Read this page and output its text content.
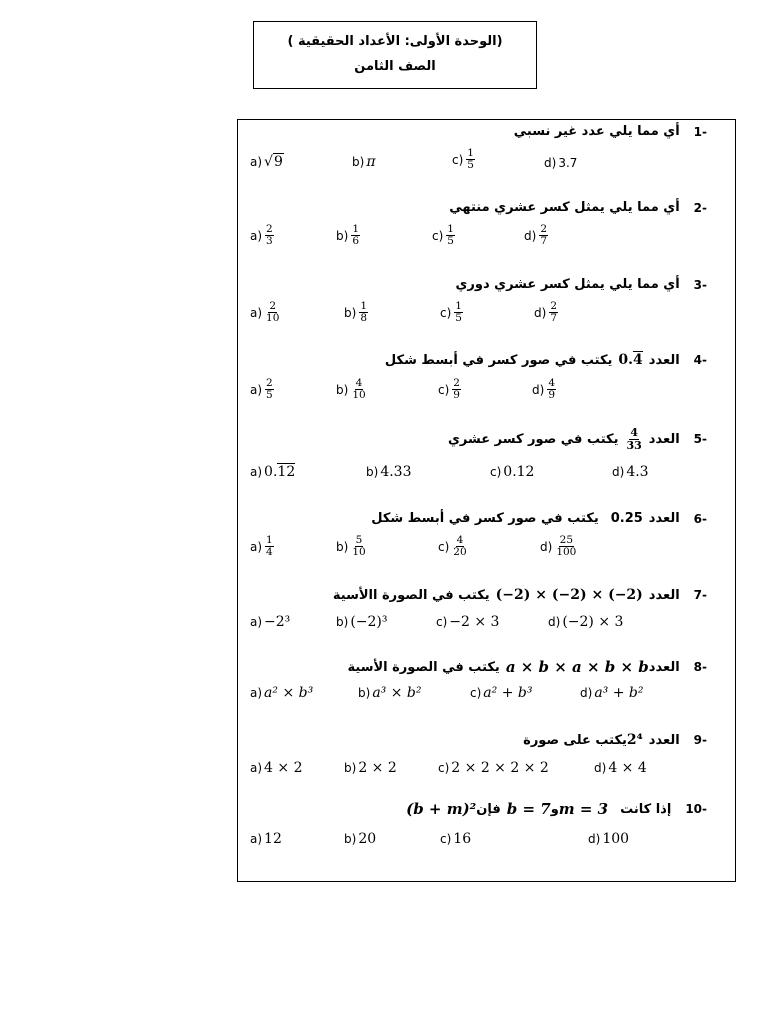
(الوحدة الأولى: الأعداد الحقيقية )
الصف الثامن
-1
أي مما يلي عدد غير نسبي
a) √9	b) π	$c) \frac{1}{5}$	d) 3.7
-2
أي مما يلي يمثل كسر عشري منتهي
$a) \frac{2}{3}$	$b) \frac{1}{6}$	$c) \frac{1}{5}$	$d) \frac{2}{7}$
-3
أي مما يلي يمثل كسر عشري دوري
$a) \frac{2}{10}$	$b) \frac{1}{8}$	$c) \frac{1}{5}$	$d) \frac{2}{7}$
-4
العدد
0.4
يكتب في صور كسر في أبسط شكل
$a) \frac{2}{5}$	$b) \frac{4}{10}$	$c) \frac{2}{9}$	$d) \frac{4}{9}$
-5
العدد
$\frac{4}{33}$
يكتب في صور كسر عشري
a) 0.12	b) 4.33	c) 0.12	d) 4.3
-6
العدد
0.25
يكتب في صور كسر في أبسط شكل
$a) \frac{1}{4}$	$b) \frac{5}{10}$	$c) \frac{4}{20}$	$d) \frac{25}{100}$
-7
العدد
(−2) × (−2) × (−2)
يكتب في الصورة االأسية
a) −2³	b) (−2)³	c) −2 × 3	d) (−2) × 3
-8
العدد
a × b × a × b × b
يكتب في الصورة الأسية
a) a² × b³	b) a³ × b²	c) a² + b³	d) a³ + b²
-9
العدد
2⁴
يكتب على صورة
a) 4 × 2	b) 2 × 2	c) 2 × 2 × 2 × 2	d) 4 × 4
-10
إذا كانت
m = 3
و
b = 7
فإن
(b + m)²
a) 12	b) 20	c) 16	d) 100
